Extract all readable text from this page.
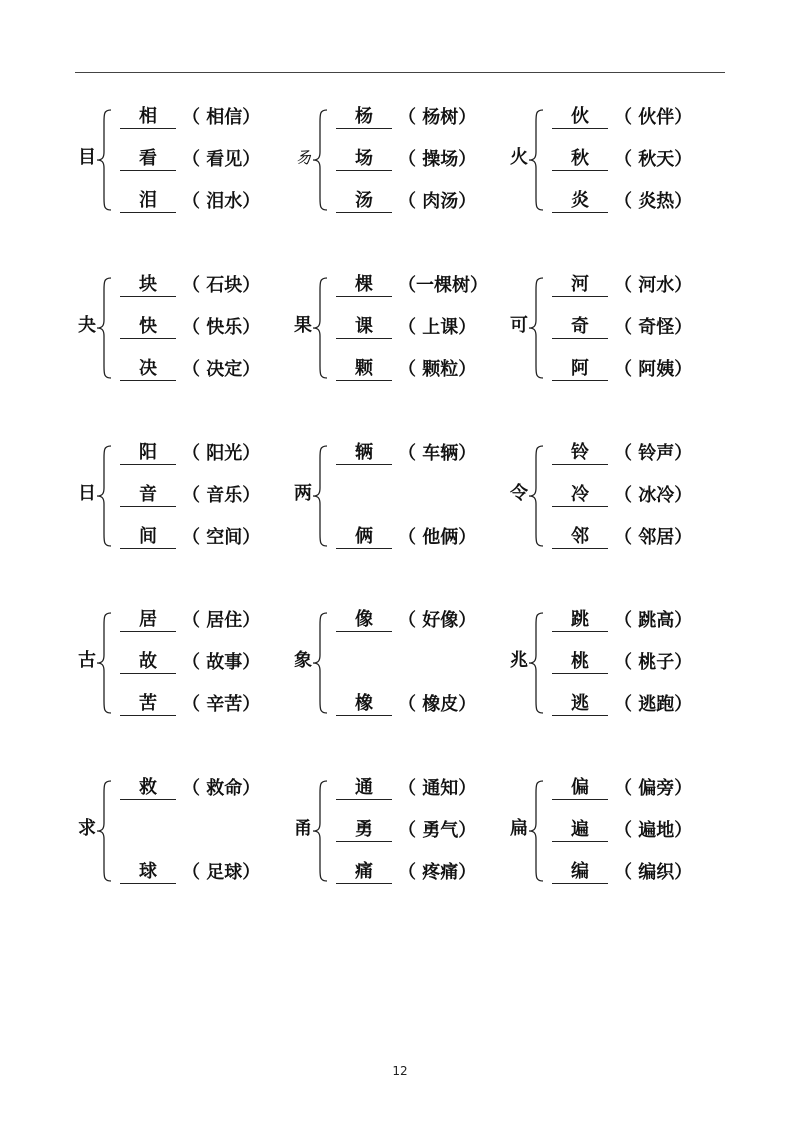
目
相 （ 相信）
看 （ 看见）
泪 （ 泪水）
𠃓
杨 （ 杨树）
场 （ 操场）
汤 （ 肉汤）
火
伙 （ 伙伴）
秋 （ 秋天）
炎 （ 炎热）
夬
块 （ 石块）
快 （ 快乐）
决 （ 决定）
果
棵 （一棵树）
课 （ 上课）
颗 （ 颗粒）
可
河 （ 河水）
奇 （ 奇怪）
阿 （ 阿姨）
日
阳 （ 阳光）
音 （ 音乐）
间 （ 空间）
两
辆 （ 车辆）
俩 （ 他俩）
令
铃 （ 铃声）
冷 （ 冰冷）
邻 （ 邻居）
古
居 （ 居住）
故 （ 故事）
苦 （ 辛苦）
象
像 （ 好像）
橡 （ 橡皮）
兆
跳 （ 跳高）
桃 （ 桃子）
逃 （ 逃跑）
求
救 （ 救命）
球 （ 足球）
甬
通 （ 通知）
勇 （ 勇气）
痛 （ 疼痛）
扁
偏 （ 偏旁）
遍 （ 遍地）
编 （ 编织）
12
